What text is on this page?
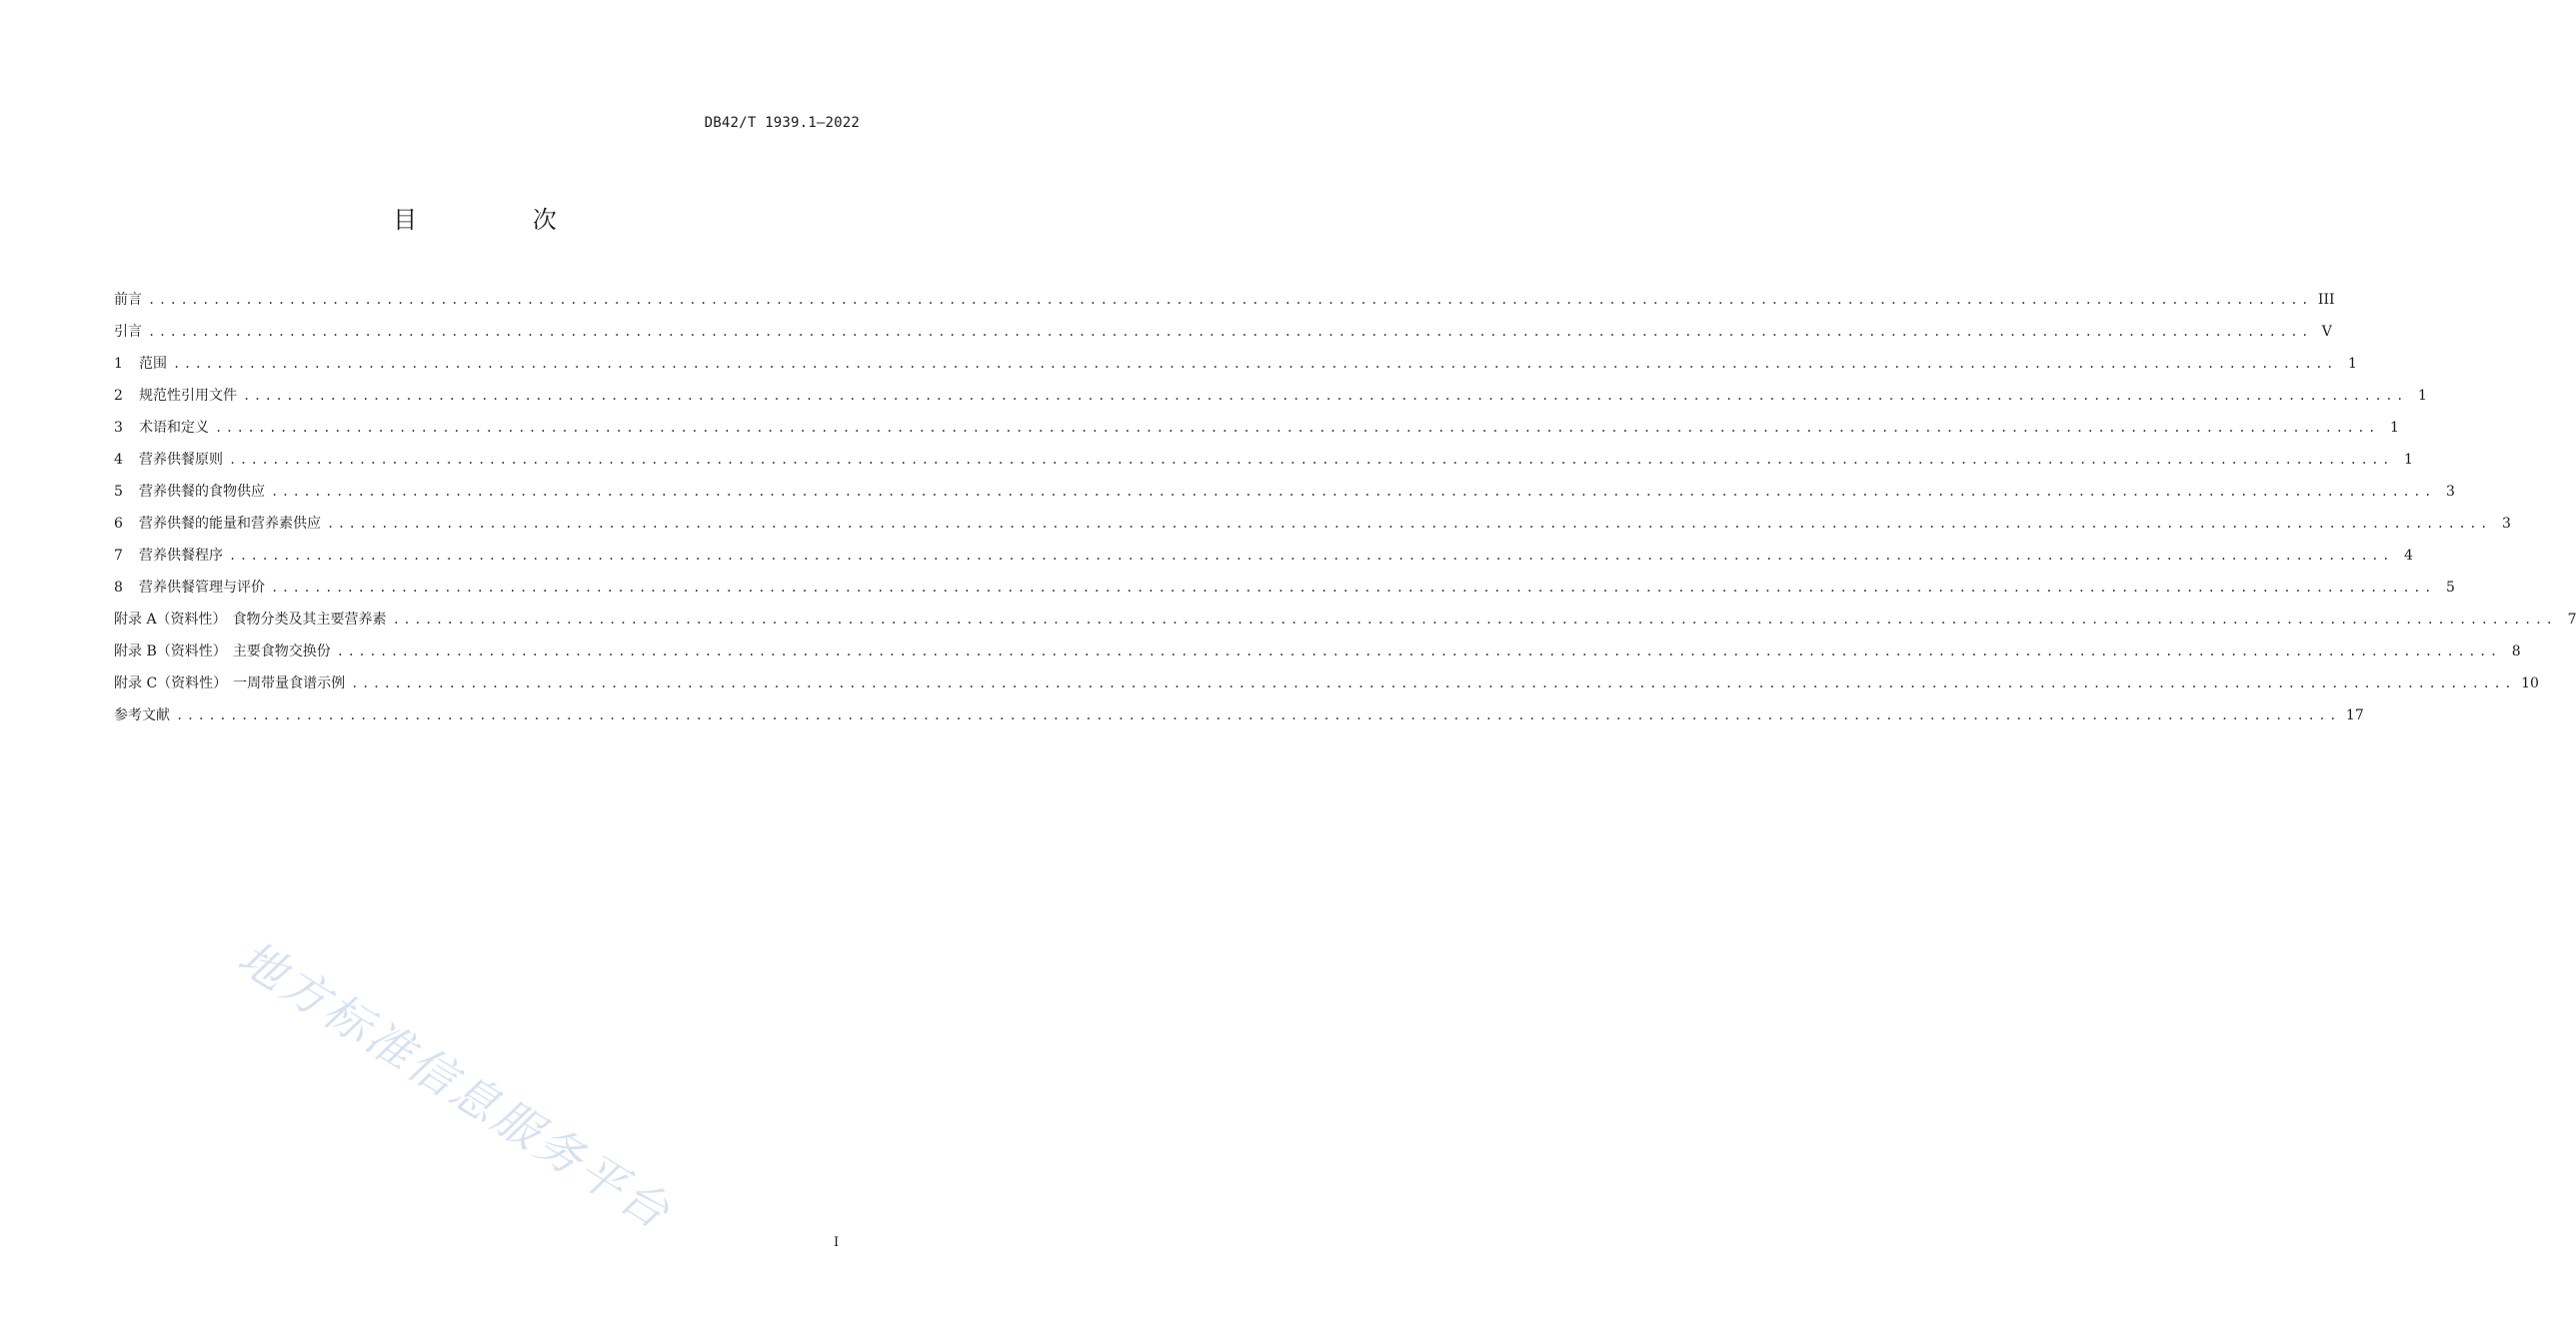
DB42/T 1939.1—2022
目 次
前言 ........................................................................................................................................................................................................ III
引言 ........................................................................................................................................................................................................ V
1 范围 ........................................................................................................................................................................................................ 1
2 规范性引用文件 ........................................................................................................................................................................................................ 1
3 术语和定义 ........................................................................................................................................................................................................ 1
4 营养供餐原则 ........................................................................................................................................................................................................ 1
5 营养供餐的食物供应 ........................................................................................................................................................................................................ 3
6 营养供餐的能量和营养素供应 ........................................................................................................................................................................................................ 3
7 营养供餐程序 ........................................................................................................................................................................................................ 4
8 营养供餐管理与评价 ........................................................................................................................................................................................................ 5
附录 A（资料性） 食物分类及其主要营养素 ........................................................................................................................................................................................................ 7
附录 B（资料性） 主要食物交换份 ........................................................................................................................................................................................................ 8
附录 C（资料性） 一周带量食谱示例 ........................................................................................................................................................................................................ 10
参考文献 ........................................................................................................................................................................................................ 17
I
地方标准信息服务平台
